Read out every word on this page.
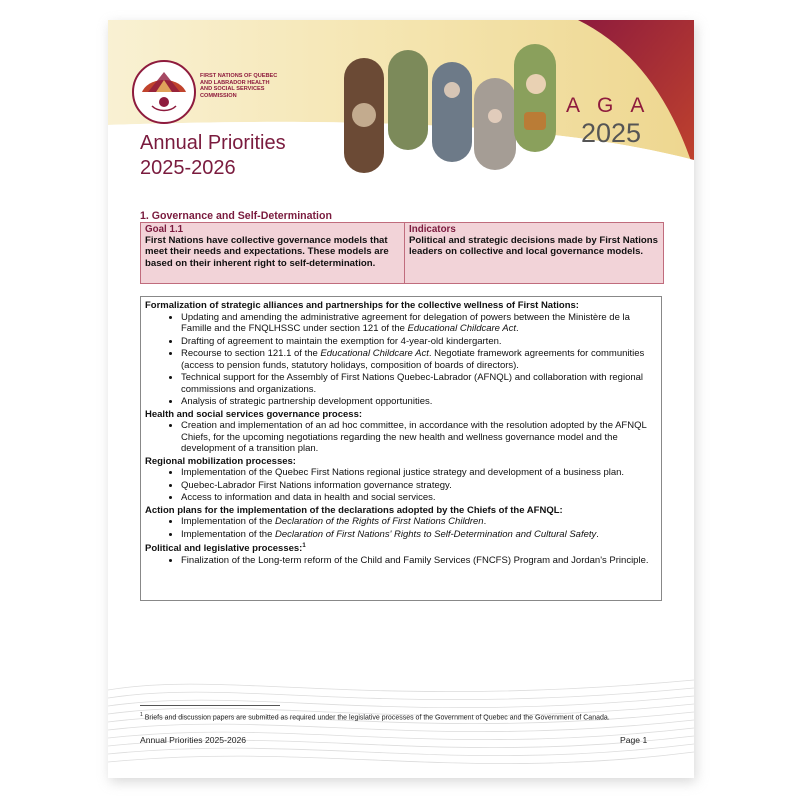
FIRST NATIONS OF QUEBEC
AND LABRADOR HEALTH
AND SOCIAL SERVICES
COMMISSION
Annual Priorities
2025-2026
AGA
2025
1. Governance and Self-Determination
Goal 1.1
First Nations have collective governance models that meet their needs and expectations. These models are based on their inherent right to self-determination.
Indicators
Political and strategic decisions made by First Nations leaders on collective and local governance models.
Formalization of strategic alliances and partnerships for the collective wellness of First Nations:
• Updating and amending the administrative agreement for delegation of powers between the Ministère de la Famille and the FNQLHSSC under section 121 of the Educational Childcare Act.
• Drafting of agreement to maintain the exemption for 4-year-old kindergarten.
• Recourse to section 121.1 of the Educational Childcare Act. Negotiate framework agreements for communities (access to pension funds, statutory holidays, composition of boards of directors).
• Technical support for the Assembly of First Nations Quebec-Labrador (AFNQL) and collaboration with regional commissions and organizations.
• Analysis of strategic partnership development opportunities.
Health and social services governance process:
• Creation and implementation of an ad hoc committee, in accordance with the resolution adopted by the AFNQL Chiefs, for the upcoming negotiations regarding the new health and wellness governance model and the development of a transition plan.
Regional mobilization processes:
• Implementation of the Quebec First Nations regional justice strategy and development of a business plan.
• Quebec-Labrador First Nations information governance strategy.
• Access to information and data in health and social services.
Action plans for the implementation of the declarations adopted by the Chiefs of the AFNQL:
• Implementation of the Declaration of the Rights of First Nations Children.
• Implementation of the Declaration of First Nations' Rights to Self-Determination and Cultural Safety.
Political and legislative processes:$^1$
• Finalization of the Long-term reform of the Child and Family Services (FNCFS) Program and Jordan's Principle.
$^1$ Briefs and discussion papers are submitted as required under the legislative processes of the Government of Quebec and the Government of Canada.
Annual Priorities 2025-2026	Page 1
